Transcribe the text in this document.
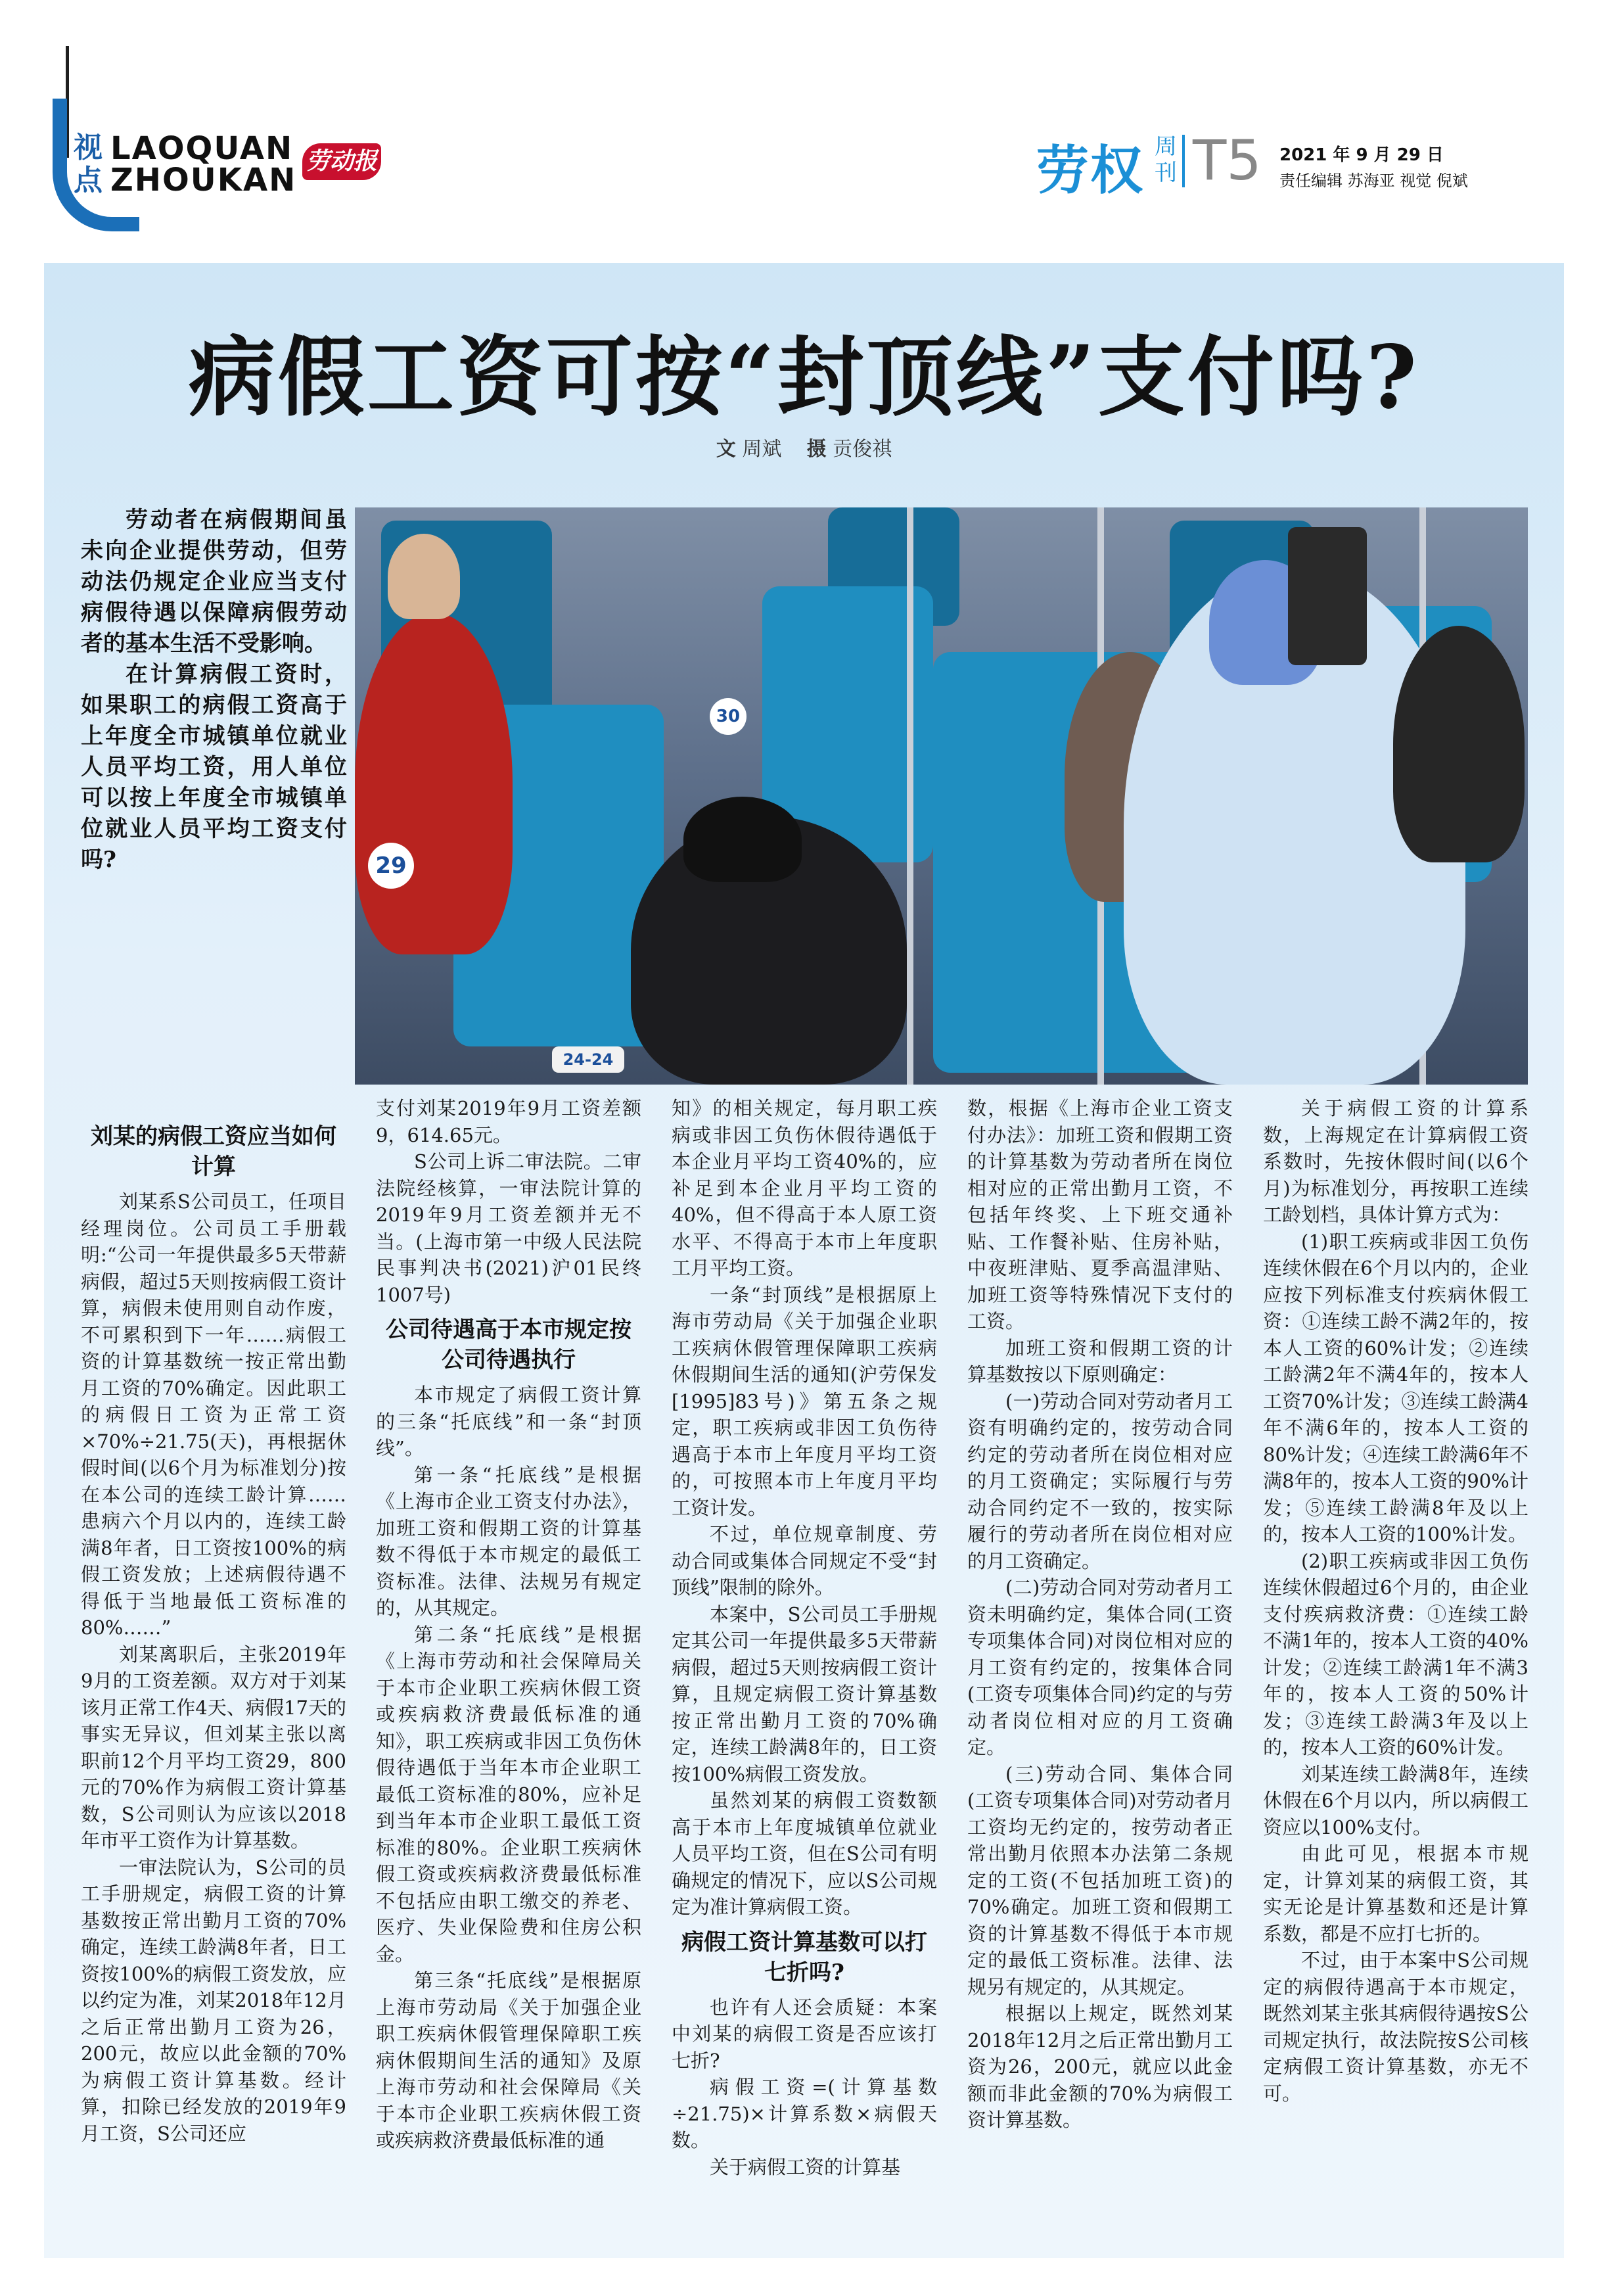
视点
LAOQUAN
ZHOUKAN
劳动报	劳权 周刊 T5 2021 年 9 月 29 日
责任编辑 苏海亚 视觉 倪斌
病假工资可按“封顶线”支付吗?
文 周斌 摄 贡俊祺

劳动者在病假期间虽未向企业提供劳动，但劳动法仍规定企业应当支付病假待遇以保障病假劳动者的基本生活不受影响。

在计算病假工资时，如果职工的病假工资高于上年度全市城镇单位就业人员平均工资，用人单位可以按上年度全市城镇单位就业人员平均工资支付吗?	29
30
24-24
刘某的病假工资应当如何计算

刘某系S公司员工，任项目经理岗位。公司员工手册载明:“公司一年提供最多5天带薪病假，超过5天则按病假工资计算，病假未使用则自动作废，不可累积到下一年……病假工资的计算基数统一按正常出勤月工资的70%确定。因此职工的病假日工资为正常工资×70%÷21.75(天)，再根据休假时间(以6个月为标准划分)按在本公司的连续工龄计算……患病六个月以内的，连续工龄满8年者，日工资按100%的病假工资发放；上述病假待遇不得低于当地最低工资标准的80%……”

刘某离职后，主张2019年9月的工资差额。双方对于刘某该月正常工作4天、病假17天的事实无异议，但刘某主张以离职前12个月平均工资29，800元的70%作为病假工资计算基数，S公司则认为应该以2018年市平工资作为计算基数。

一审法院认为，S公司的员工手册规定，病假工资的计算基数按正常出勤月工资的70%确定，连续工龄满8年者，日工资按100%的病假工资发放，应以约定为准，刘某2018年12月之后正常出勤月工资为26，200元，故应以此金额的70%为病假工资计算基数。经计算，扣除已经发放的2019年9月工资，S公司还应

支付刘某2019年9月工资差额9，614.65元。

S公司上诉二审法院。二审法院经核算，一审法院计算的2019年9月工资差额并无不当。(上海市第一中级人民法院民事判决书(2021)沪01民终1007号)

公司待遇高于本市规定按公司待遇执行

本市规定了病假工资计算的三条“托底线”和一条“封顶线”。

第一条“托底线”是根据《上海市企业工资支付办法》，加班工资和假期工资的计算基数不得低于本市规定的最低工资标准。法律、法规另有规定的，从其规定。

第二条“托底线”是根据《上海市劳动和社会保障局关于本市企业职工疾病休假工资或疾病救济费最低标准的通知》，职工疾病或非因工负伤休假待遇低于当年本市企业职工最低工资标准的80%，应补足到当年本市企业职工最低工资标准的80%。企业职工疾病休假工资或疾病救济费最低标准不包括应由职工缴交的养老、医疗、失业保险费和住房公积金。

第三条“托底线”是根据原上海市劳动局《关于加强企业职工疾病休假管理保障职工疾病休假期间生活的通知》及原上海市劳动和社会保障局《关于本市企业职工疾病休假工资或疾病救济费最低标准的通

知》的相关规定，每月职工疾病或非因工负伤休假待遇低于本企业月平均工资40%的，应补足到本企业月平均工资的40%，但不得高于本人原工资水平、不得高于本市上年度职工月平均工资。

一条“封顶线”是根据原上海市劳动局《关于加强企业职工疾病休假管理保障职工疾病休假期间生活的通知(沪劳保发[1995]83号)》第五条之规定，职工疾病或非因工负伤待遇高于本市上年度月平均工资的，可按照本市上年度月平均工资计发。

不过，单位规章制度、劳动合同或集体合同规定不受“封顶线”限制的除外。

本案中，S公司员工手册规定其公司一年提供最多5天带薪病假，超过5天则按病假工资计算，且规定病假工资计算基数按正常出勤月工资的70%确定，连续工龄满8年的，日工资按100%病假工资发放。

虽然刘某的病假工资数额高于本市上年度城镇单位就业人员平均工资，但在S公司有明确规定的情况下，应以S公司规定为准计算病假工资。

病假工资计算基数可以打七折吗?

也许有人还会质疑：本案中刘某的病假工资是否应该打七折?

病假工资=(计算基数÷21.75)×计算系数×病假天数。

关于病假工资的计算基

数，根据《上海市企业工资支付办法》：加班工资和假期工资的计算基数为劳动者所在岗位相对应的正常出勤月工资，不包括年终奖、上下班交通补贴、工作餐补贴、住房补贴，中夜班津贴、夏季高温津贴、加班工资等特殊情况下支付的工资。

加班工资和假期工资的计算基数按以下原则确定：

(一)劳动合同对劳动者月工资有明确约定的，按劳动合同约定的劳动者所在岗位相对应的月工资确定；实际履行与劳动合同约定不一致的，按实际履行的劳动者所在岗位相对应的月工资确定。

(二)劳动合同对劳动者月工资未明确约定，集体合同(工资专项集体合同)对岗位相对应的月工资有约定的，按集体合同(工资专项集体合同)约定的与劳动者岗位相对应的月工资确定。

(三)劳动合同、集体合同(工资专项集体合同)对劳动者月工资均无约定的，按劳动者正常出勤月依照本办法第二条规定的工资(不包括加班工资)的70%确定。加班工资和假期工资的计算基数不得低于本市规定的最低工资标准。法律、法规另有规定的，从其规定。

根据以上规定，既然刘某2018年12月之后正常出勤月工资为26，200元，就应以此金额而非此金额的70%为病假工资计算基数。

关于病假工资的计算系数，上海规定在计算病假工资系数时，先按休假时间(以6个月)为标准划分，再按职工连续工龄划档，具体计算方式为：

(1)职工疾病或非因工负伤连续休假在6个月以内的，企业应按下列标准支付疾病休假工资：①连续工龄不满2年的，按本人工资的60%计发；②连续工龄满2年不满4年的，按本人工资70%计发；③连续工龄满4年不满6年的，按本人工资的80%计发；④连续工龄满6年不满8年的，按本人工资的90%计发；⑤连续工龄满8年及以上的，按本人工资的100%计发。

(2)职工疾病或非因工负伤连续休假超过6个月的，由企业支付疾病救济费：①连续工龄不满1年的，按本人工资的40%计发；②连续工龄满1年不满3年的，按本人工资的50%计发；③连续工龄满3年及以上的，按本人工资的60%计发。

刘某连续工龄满8年，连续休假在6个月以内，所以病假工资应以100%支付。

由此可见，根据本市规定，计算刘某的病假工资，其实无论是计算基数和还是计算系数，都是不应打七折的。

不过，由于本案中S公司规定的病假待遇高于本市规定，既然刘某主张其病假待遇按S公司规定执行，故法院按S公司核定病假工资计算基数，亦无不可。
